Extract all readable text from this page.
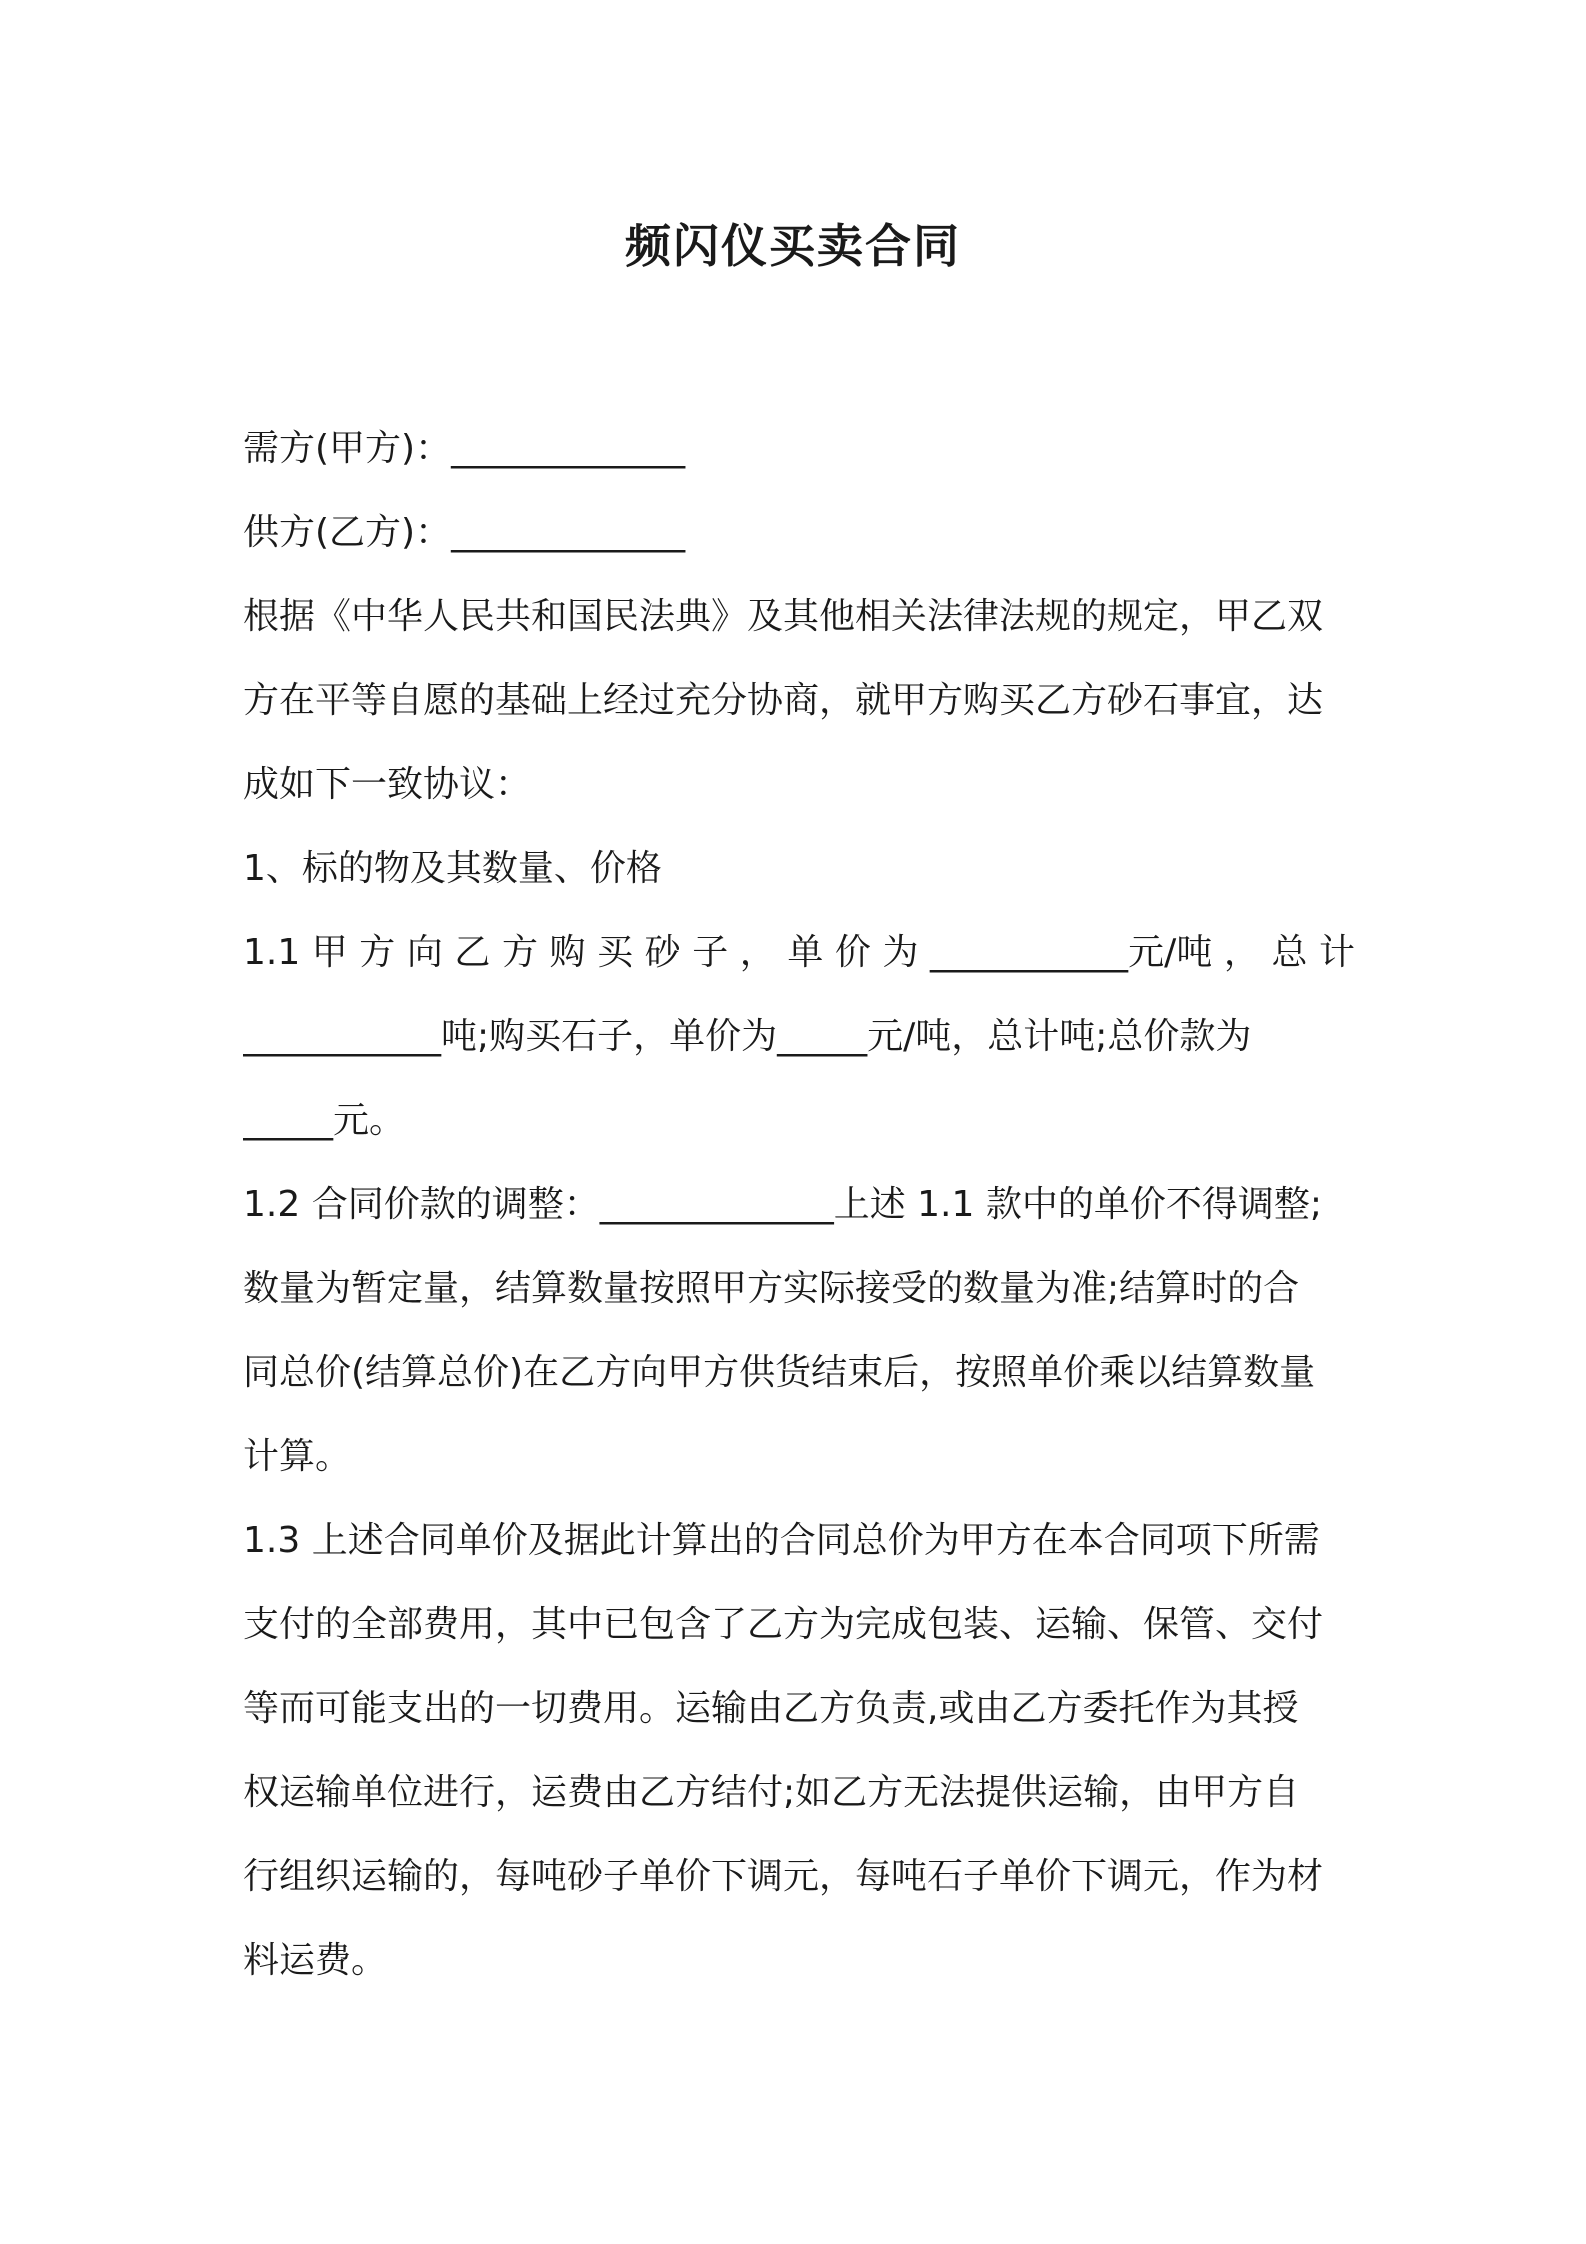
频闪仪买卖合同
需方(甲方)：_____________
供方(乙方)：_____________
根据《中华人民共和国民法典》及其他相关法律法规的规定，甲乙双
方在平等自愿的基础上经过充分协商，就甲方购买乙方砂石事宜，达
成如下一致协议：
1、标的物及其数量、价格
1.1 甲 方 向 乙 方 购 买 砂 子 ， 单 价 为 ___________元/吨 ， 总 计
___________吨;购买石子，单价为_____元/吨，总计吨;总价款为
_____元。
1.2 合同价款的调整：_____________上述 1.1 款中的单价不得调整;
数量为暂定量，结算数量按照甲方实际接受的数量为准;结算时的合
同总价(结算总价)在乙方向甲方供货结束后，按照单价乘以结算数量
计算。
1.3 上述合同单价及据此计算出的合同总价为甲方在本合同项下所需
支付的全部费用，其中已包含了乙方为完成包装、运输、保管、交付
等而可能支出的一切费用。运输由乙方负责,或由乙方委托作为其授
权运输单位进行，运费由乙方结付;如乙方无法提供运输，由甲方自
行组织运输的，每吨砂子单价下调元，每吨石子单价下调元，作为材
料运费。
